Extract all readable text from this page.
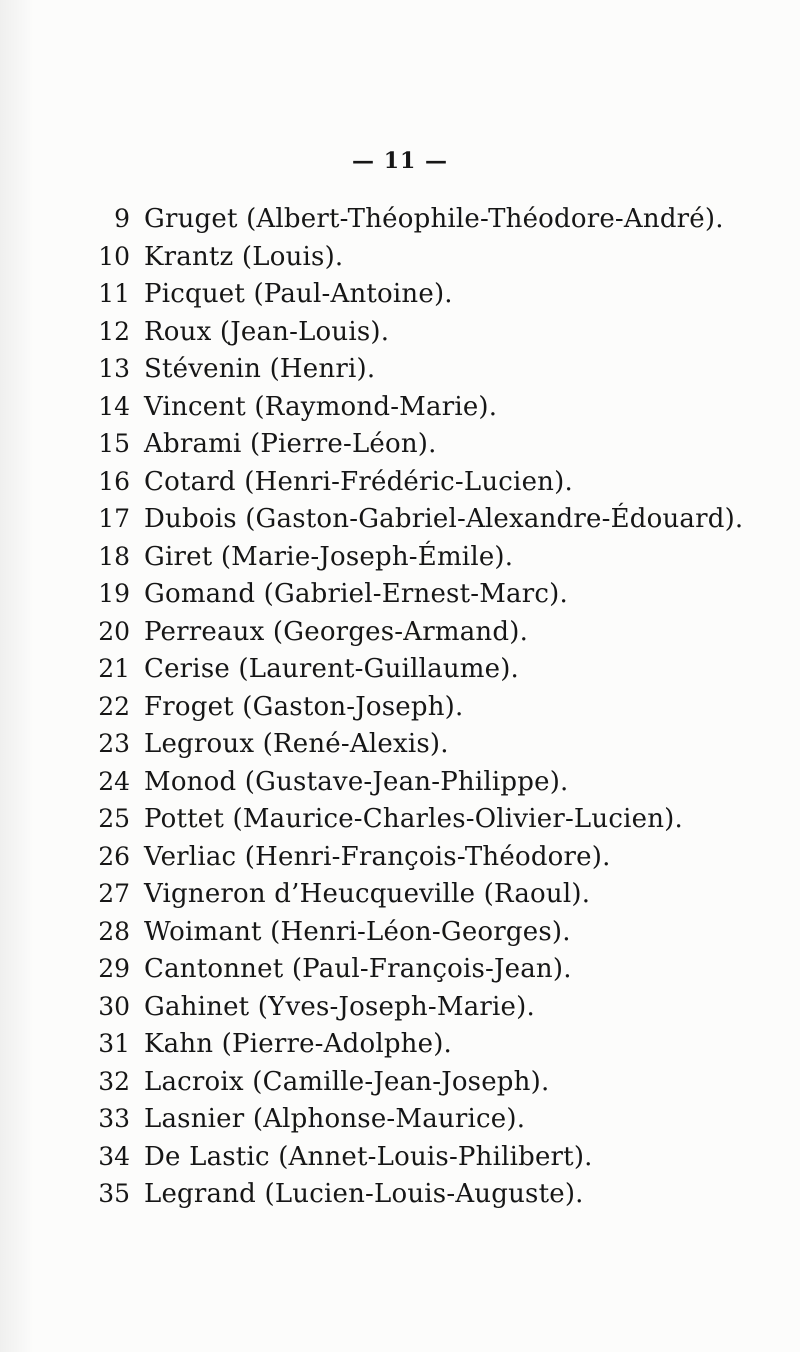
— 11 —
9 Gruget (Albert-Théophile-Théodore-André).
10 Krantz (Louis).
11 Picquet (Paul-Antoine).
12 Roux (Jean-Louis).
13 Stévenin (Henri).
14 Vincent (Raymond-Marie).
15 Abrami (Pierre-Léon).
16 Cotard (Henri-Frédéric-Lucien).
17 Dubois (Gaston-Gabriel-Alexandre-Édouard).
18 Giret (Marie-Joseph-Émile).
19 Gomand (Gabriel-Ernest-Marc).
20 Perreaux (Georges-Armand).
21 Cerise (Laurent-Guillaume).
22 Froget (Gaston-Joseph).
23 Legroux (René-Alexis).
24 Monod (Gustave-Jean-Philippe).
25 Pottet (Maurice-Charles-Olivier-Lucien).
26 Verliac (Henri-François-Théodore).
27 Vigneron d’Heucqueville (Raoul).
28 Woimant (Henri-Léon-Georges).
29 Cantonnet (Paul-François-Jean).
30 Gahinet (Yves-Joseph-Marie).
31 Kahn (Pierre-Adolphe).
32 Lacroix (Camille-Jean-Joseph).
33 Lasnier (Alphonse-Maurice).
34 De Lastic (Annet-Louis-Philibert).
35 Legrand (Lucien-Louis-Auguste).
